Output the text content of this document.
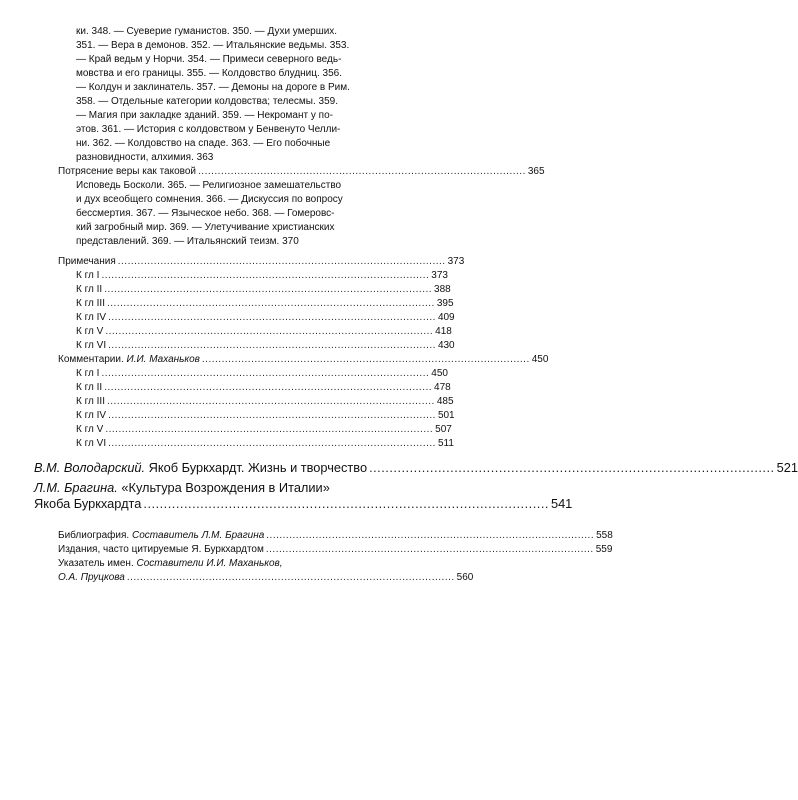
ки. 348. — Суеверие гуманистов. 350. — Духи умерших.
351. — Вера в демонов. 352. — Итальянские ведьмы. 353.
— Край ведьм у Норчи. 354. — Примеси северного ведь-
мовства и его границы. 355. — Колдовство блудниц. 356.
— Колдун и заклинатель. 357. — Демоны на дороге в Рим.
358. — Отдельные категории колдовства; телесмы. 359.
— Магия при закладке зданий. 359. — Некромант у по-
этов. 361. — История с колдовством у Бенвенуто Челли-
ни. 362. — Колдовство на спаде. 363. — Его побочные
разновидности, алхимия. 363
Потрясение веры как таковой .................................................................................................... 365
Исповедь Босколи. 365. — Религиозное замешательство
и дух всеобщего сомнения. 366. — Дискуссия по вопросу
бессмертия. 367. — Языческое небо. 368. — Гомеровс-
кий загробный мир. 369. — Улетучивание христианских
представлений. 369. — Итальянский теизм. 370
Примечания .................................................................................................... 373
К гл I .................................................................................................... 373
К гл II .................................................................................................... 388
К гл III .................................................................................................... 395
К гл IV .................................................................................................... 409
К гл V .................................................................................................... 418
К гл VI .................................................................................................... 430
Комментарии. И.И. Маханьков .................................................................................................... 450
К гл I .................................................................................................... 450
К гл II .................................................................................................... 478
К гл III .................................................................................................... 485
К гл IV .................................................................................................... 501
К гл V .................................................................................................... 507
К гл VI .................................................................................................... 511
В.М. Володарский. Якоб Буркхардт. Жизнь и творчество .................................................................................................... 521
Л.М. Брагина. «Культура Возрождения в Италии»
Якоба Буркхардта .................................................................................................... 541
Библиография. Составитель Л.М. Брагина .................................................................................................... 558
Издания, часто цитируемые Я. Буркхардтом .................................................................................................... 559
Указатель имен. Составители И.И. Маханьков,
О.А. Пруцкова .................................................................................................... 560
